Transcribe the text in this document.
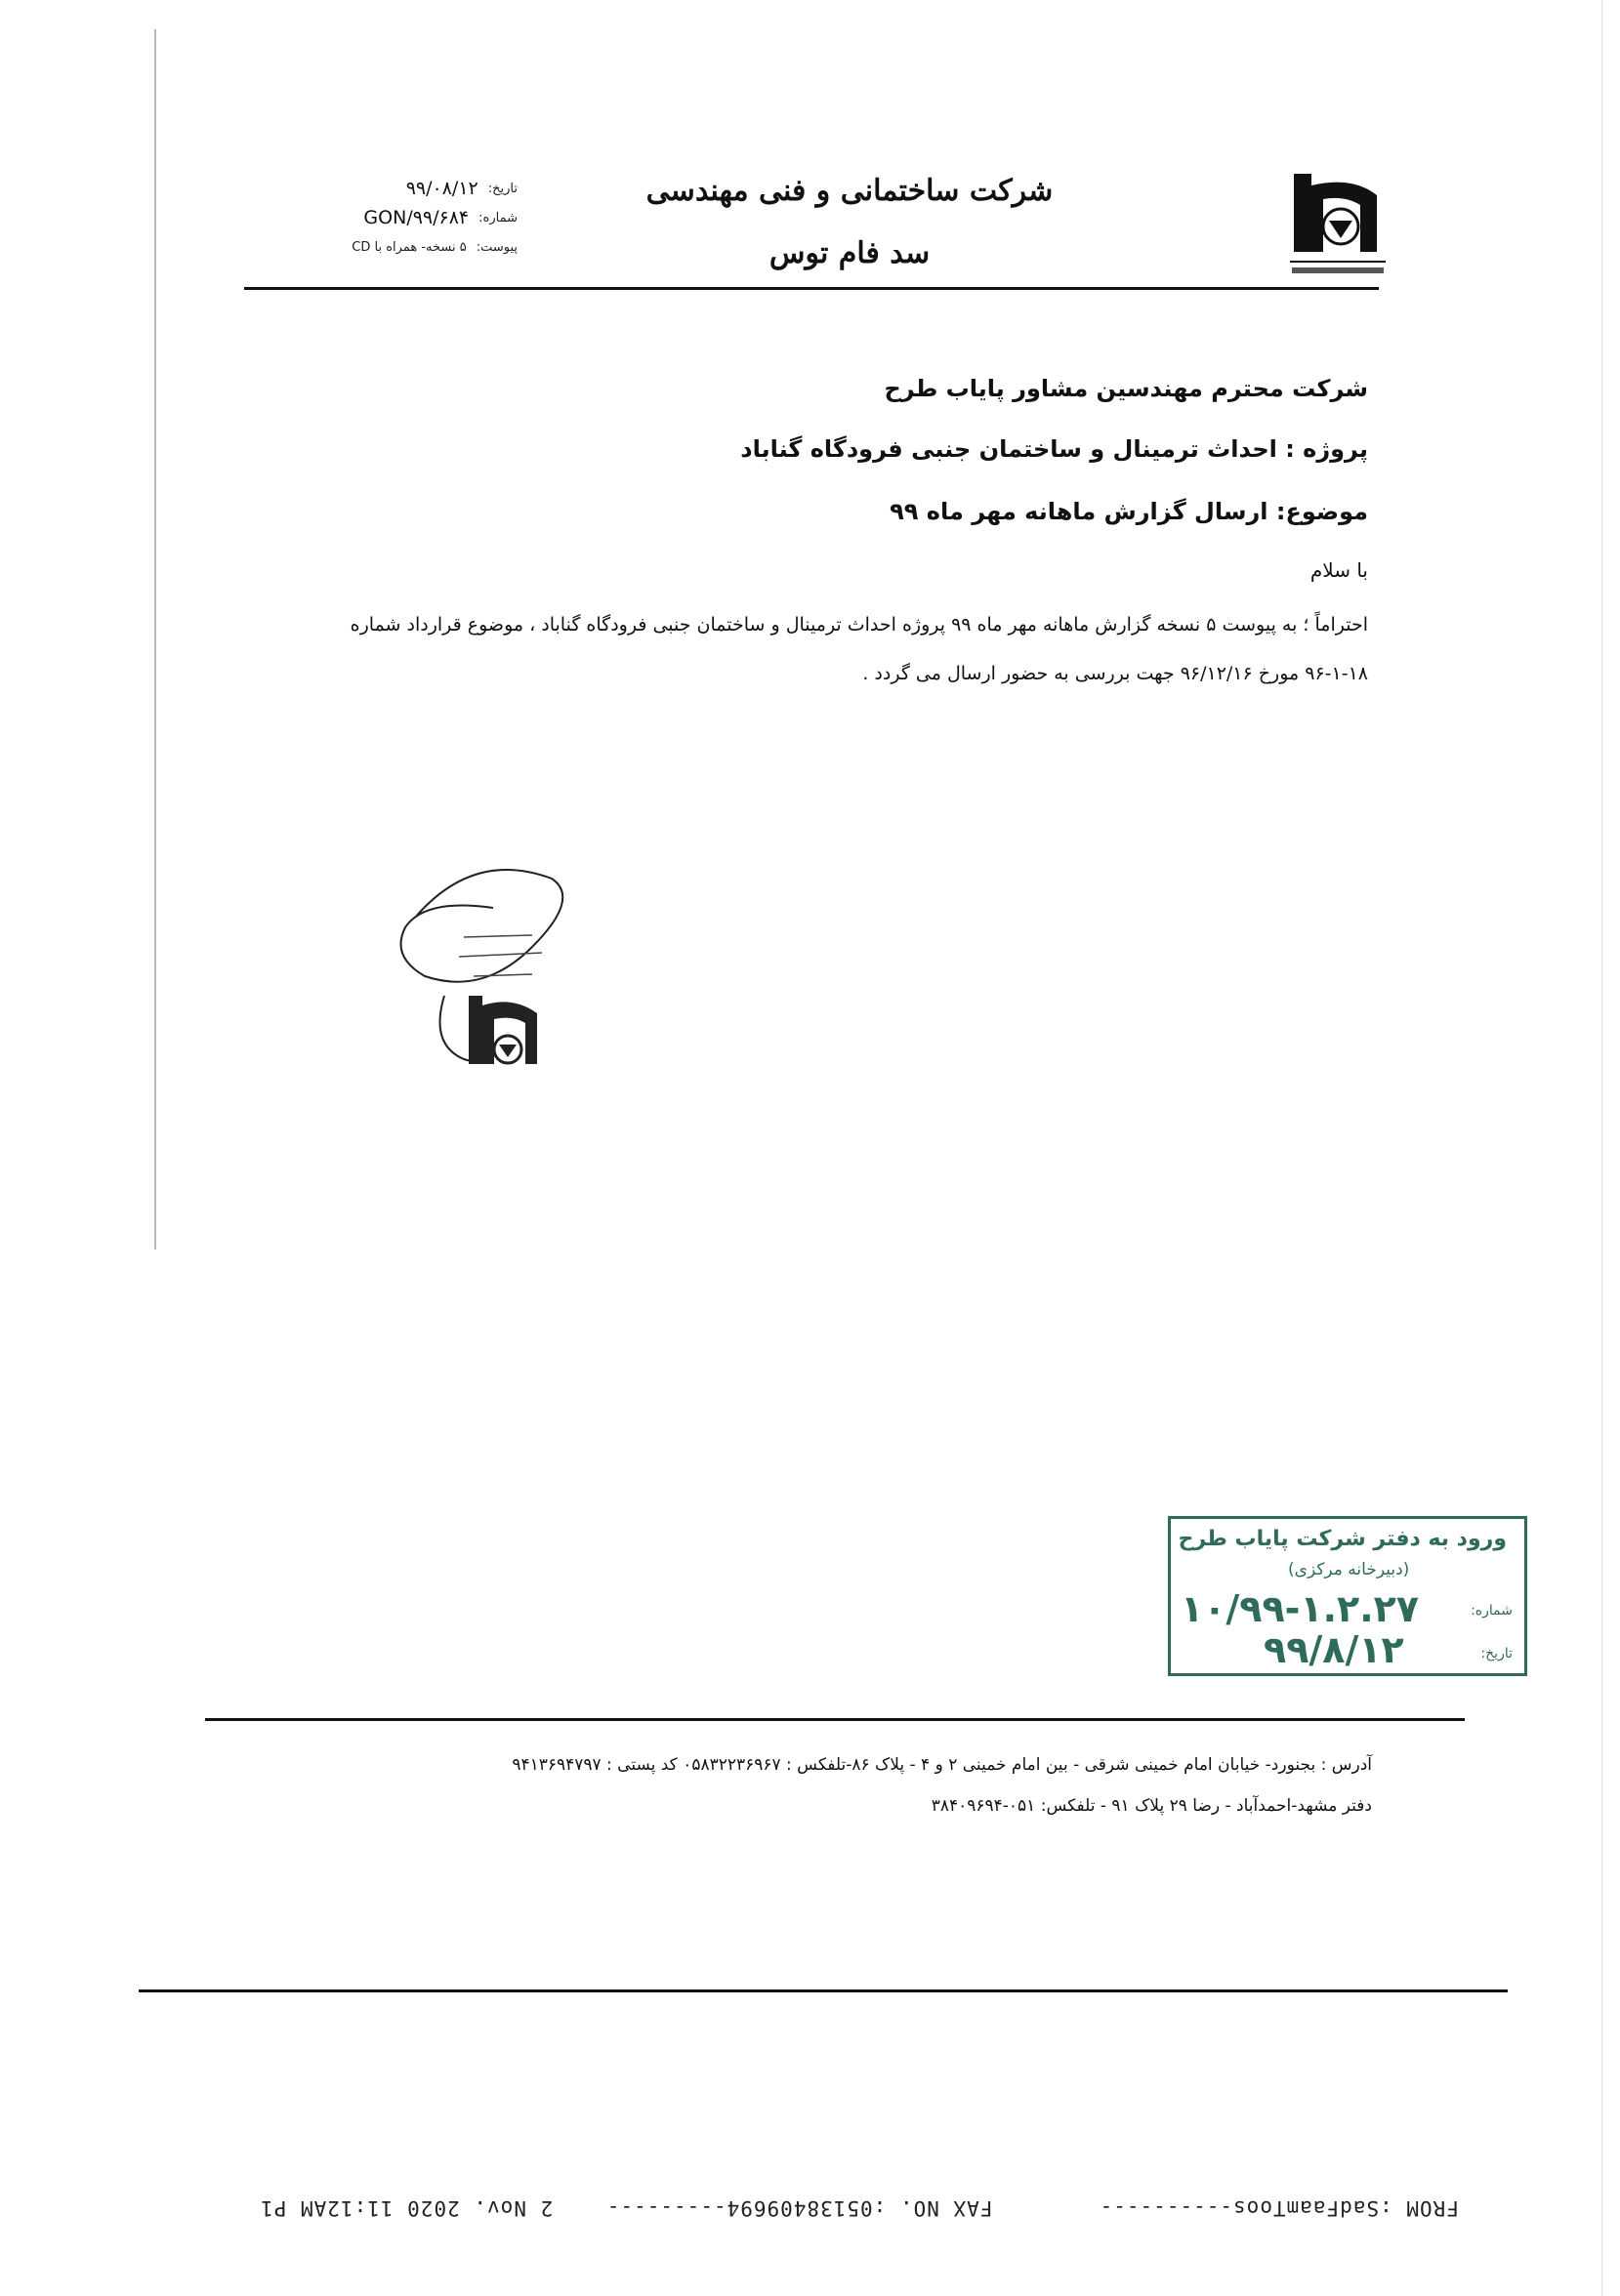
شرکت ساختمانی و فنی مهندسی
سد فام توس
تاریخ:
۹۹/۰۸/۱۲
شماره:
GON/۹۹/۶۸۴
پیوست:
۵ نسخه- همراه با CD
شرکت محترم مهندسین مشاور پایاب طرح
پروژه : احداث ترمینال و ساختمان جنبی فرودگاه گناباد
موضوع: ارسال گزارش ماهانه مهر ماه ۹۹
با سلام
احتراماً ؛ به پیوست ۵ نسخه گزارش ماهانه مهر ماه ۹۹ پروژه احداث ترمینال و ساختمان جنبی فرودگاه گناباد ، موضوع قرارداد شماره
۹۶-۱-۱۸ مورخ ۹۶/۱۲/۱۶ جهت بررسی به حضور ارسال می گردد .
ورود به دفتر شرکت پایاب طرح
(دبیرخانه مرکزی)
شماره:
تاریخ:
۱۰/۹۹-۱.۲.۲۷
۹۹/۸/۱۲
آدرس : بجنورد- خیابان امام خمینی شرقی - بین امام خمینی ۲ و ۴ - پلاک ۸۶-تلفکس : ۰۵۸۳۲۲۳۶۹۶۷ کد پستی : ۹۴۱۳۶۹۴۷۹۷
دفتر مشهد-احمدآباد - رضا ۲۹ پلاک ۹۱ - تلفکس: ۰۵۱-۳۸۴۰۹۶۹۴
FROM :SadFaamToos----------        FAX NO. :05138409694---------    2 Nov. 2020 11:12AM P1
